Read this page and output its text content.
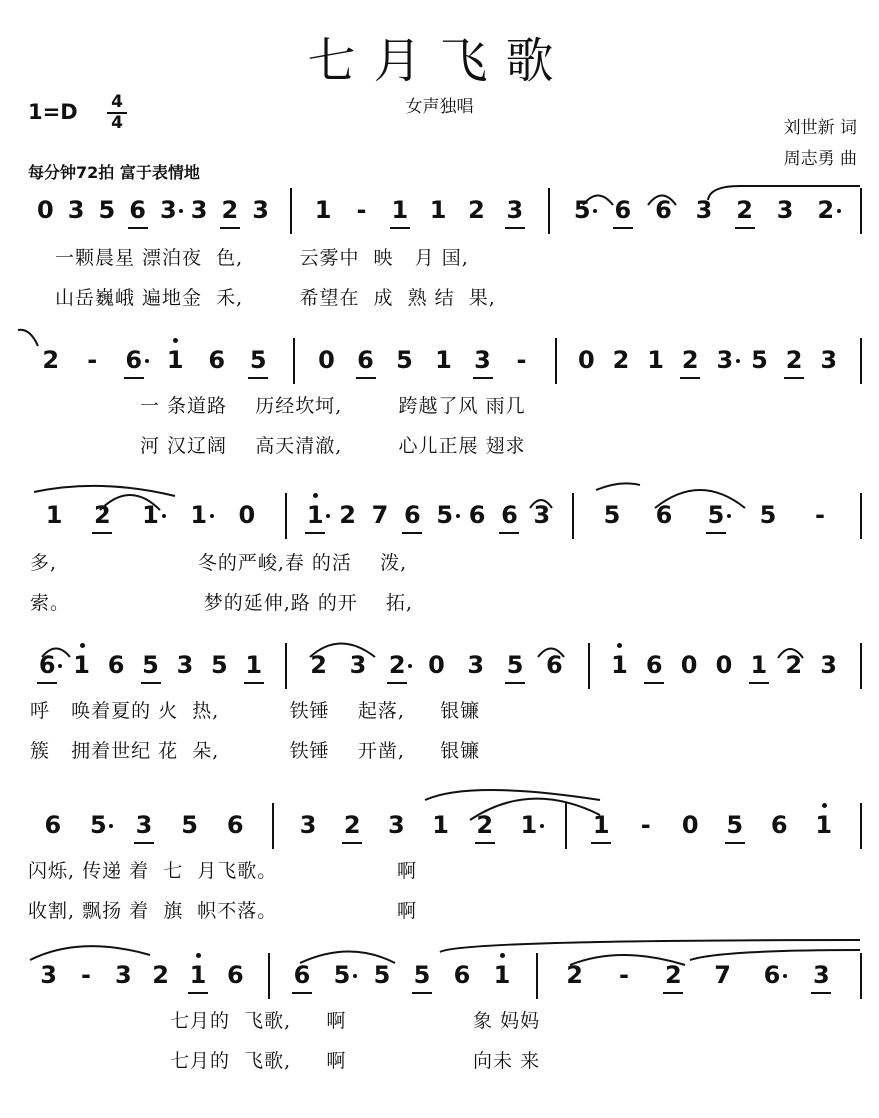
七月飞歌
女声独唱
1=D 4
4	刘世新 词
周志勇 曲
每分钟72拍 富于表情地
0 3 5 6 3 3 2 3 1 - 1 1 2 3 5 6 6 3 2 3 2
一颗晨星 漂泊夜  色,        云雾中  映   月 国,
山岳巍峨 遍地金  禾,        希望在  成  熟 结  果,
2 - 6 1 6 5 0 6 5 1 3 - 0 2 1 2 3 5 2 3
一 条道路    历经坎坷,        跨越了风 雨几
河 汉辽阔    高天清澈,        心儿正展 翅求
1 2 1 1 0 1 2 7 6 5 6 6 3 5 6 5 5 -
多,                    冬的严峻,春 的活    泼,
索。                   梦的延伸,路 的开    拓,
6 1 6 5 3 5 1 2 3 2 0 3 5 6 1 6 0 0 1 2 3
呼   唤着夏的 火  热,          铁锤    起落,     银镰
簇   拥着世纪 花  朵,          铁锤    开凿,     银镰
6 5 3 5 6 3 2 3 1 2 1 1 - 0 5 6 1
闪烁, 传递 着  七  月飞歌。                 啊
收割, 飘扬 着  旗  帜不落。                 啊
3 - 3 2 1 6 6 5 5 5 6 1 2 - 2 7 6 3
七月的  飞歌,     啊                  象 妈妈
七月的  飞歌,     啊                  向未 来
